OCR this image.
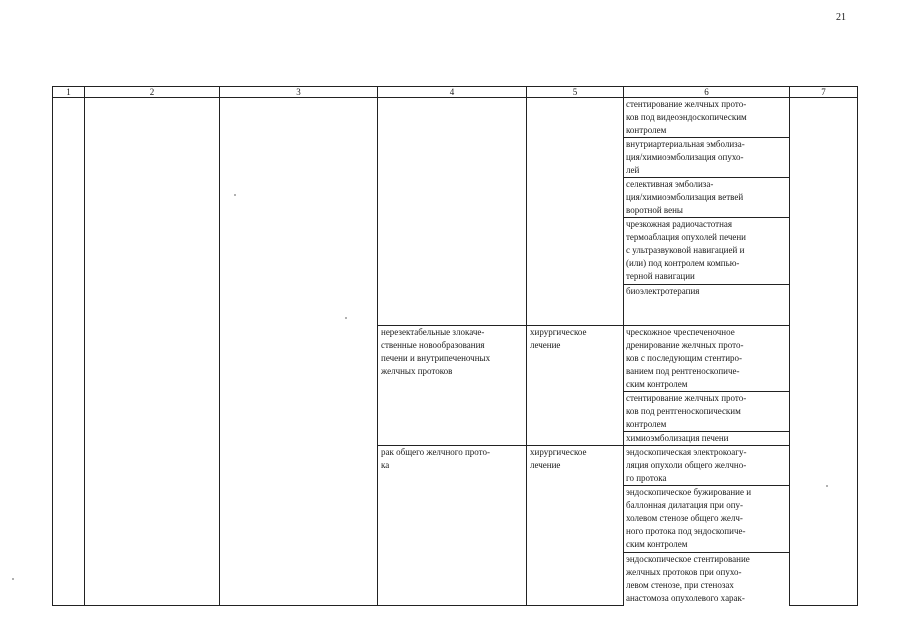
21
1	2	3	4	5	6	7
					стентирование желчных прото-
ков под видеоэндоскопическим
контролем	
					внутриартериальная эмболиза-
ция/химиоэмболизация опухо-
лей	
					селективная эмболиза-
ция/химиоэмболизация ветвей
воротной вены	
					чрезкожная радиочастотная
термоаблация опухолей печени
с ультразвуковой навигацией и
(или) под контролем компью-
терной навигации	
					биоэлектротерапия	
			нерезектабельные злокаче-
ственные новообразования
печени и внутрипеченочных
желчных протоков	хирургическое
лечение	чрескожное чреспеченочное
дренирование желчных прото-
ков с последующим стентиро-
ванием под рентгеноскопиче-
ским контролем	
					стентирование желчных прото-
ков под рентгеноскопическим
контролем	
					химиоэмболизация печени	
			рак общего желчного прото-
ка	хирургическое
лечение	эндоскопическая электрокоагу-
ляция опухоли общего желчно-
го протока	
					эндоскопическое бужирование и
баллонная дилатация при опу-
холевом стенозе общего желч-
ного протока под эндоскопиче-
ским контролем	
					эндоскопическое стентирование
желчных протоков при опухо-
левом стенозе, при стенозах
анастомоза опухолевого харак-	
